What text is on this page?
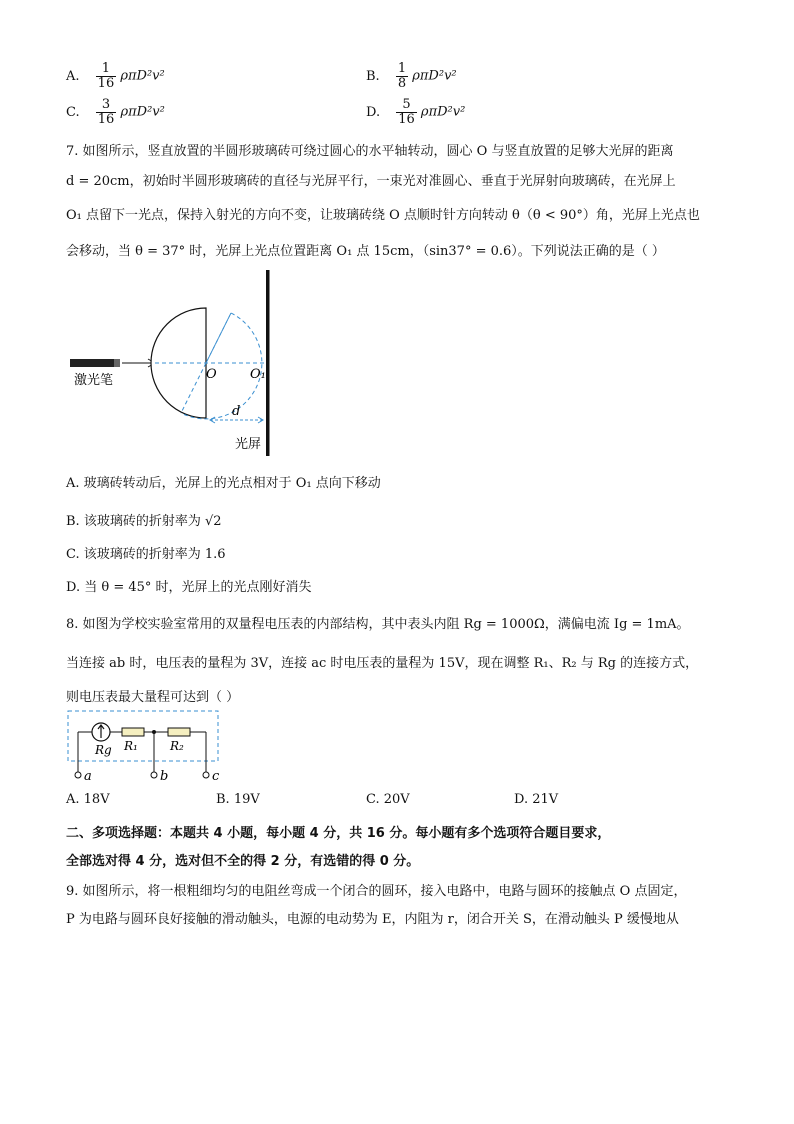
A. $\frac{1}{16} \rho\pi D^2v^2$	B. $\frac{1}{8} \rho\pi D^2v^2$
C. $\frac{3}{16} \rho\pi D^2v^2$	D. $\frac{5}{16} \rho\pi D^2v^2$
7. 如图所示，竖直放置的半圆形玻璃砖可绕过圆心的水平轴转动，圆心 O 与竖直放置的足够大光屏的距离
d = 20cm，初始时半圆形玻璃砖的直径与光屏平行，一束光对准圆心、垂直于光屏射向玻璃砖，在光屏上
O₁ 点留下一光点，保持入射光的方向不变，让玻璃砖绕 O 点顺时针方向转动 θ（θ < 90°）角，光屏上光点也
会移动，当 θ = 37° 时，光屏上光点位置距离 O₁ 点 15cm，（sin37° = 0.6）。下列说法正确的是（ ）
激光笔	O	O₁
d
光屏
A. 玻璃砖转动后，光屏上的光点相对于 O₁ 点向下移动
B. 该玻璃砖的折射率为 √2
C. 该玻璃砖的折射率为 1.6
D. 当 θ = 45° 时，光屏上的光点刚好消失
8. 如图为学校实验室常用的双量程电压表的内部结构，其中表头内阻 Rg = 1000Ω，满偏电流 Ig = 1mA。
当连接 ab 时，电压表的量程为 3V，连接 ac 时电压表的量程为 15V，现在调整 R₁、R₂ 与 Rg 的连接方式，
则电压表最大量程可达到（ ）
Rg R₁	R₂
a	b	c
A. 18V	B. 19V	C. 20V	D. 21V
二、多项选择题：本题共 4 小题，每小题 4 分，共 16 分。每小题有多个选项符合题目要求，
全部选对得 4 分，选对但不全的得 2 分，有选错的得 0 分。
9. 如图所示，将一根粗细均匀的电阻丝弯成一个闭合的圆环，接入电路中，电路与圆环的接触点 O 点固定，
P 为电路与圆环良好接触的滑动触头，电源的电动势为 E，内阻为 r，闭合开关 S，在滑动触头 P 缓慢地从
